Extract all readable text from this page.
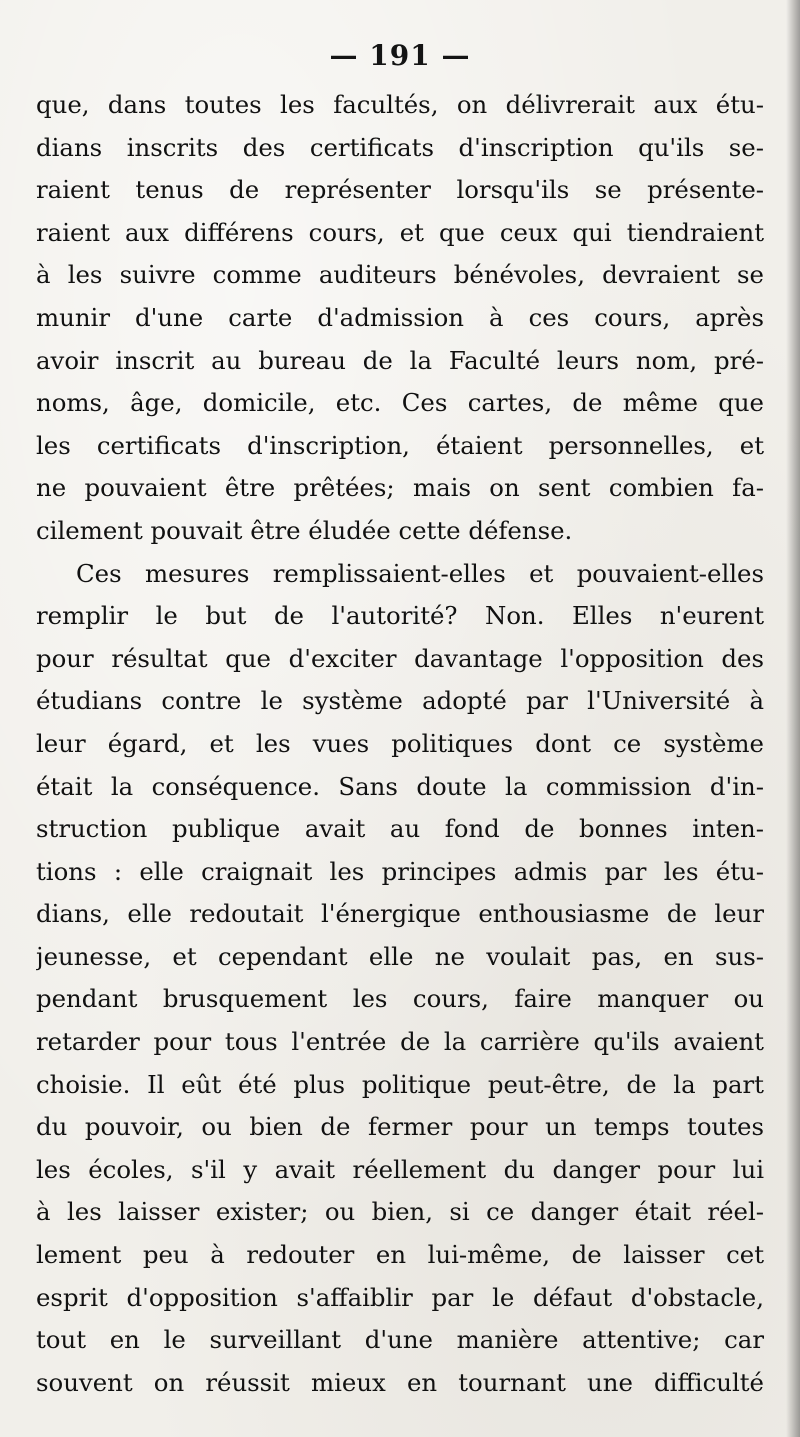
— 191 —
que, dans toutes les facultés, on délivrerait aux étu-
dians inscrits des certificats d'inscription qu'ils se-
raient tenus de représenter lorsqu'ils se présente-
raient aux différens cours, et que ceux qui tiendraient
à les suivre comme auditeurs bénévoles, devraient se
munir d'une carte d'admission à ces cours, après
avoir inscrit au bureau de la Faculté leurs nom, pré-
noms, âge, domicile, etc. Ces cartes, de même que
les certificats d'inscription, étaient personnelles, et
ne pouvaient être prêtées; mais on sent combien fa-
cilement pouvait être éludée cette défense.
Ces mesures remplissaient-elles et pouvaient-elles
remplir le but de l'autorité? Non. Elles n'eurent
pour résultat que d'exciter davantage l'opposition des
étudians contre le système adopté par l'Université à
leur égard, et les vues politiques dont ce système
était la conséquence. Sans doute la commission d'in-
struction publique avait au fond de bonnes inten-
tions : elle craignait les principes admis par les étu-
dians, elle redoutait l'énergique enthousiasme de leur
jeunesse, et cependant elle ne voulait pas, en sus-
pendant brusquement les cours, faire manquer ou
retarder pour tous l'entrée de la carrière qu'ils avaient
choisie. Il eût été plus politique peut-être, de la part
du pouvoir, ou bien de fermer pour un temps toutes
les écoles, s'il y avait réellement du danger pour lui
à les laisser exister; ou bien, si ce danger était réel-
lement peu à redouter en lui-même, de laisser cet
esprit d'opposition s'affaiblir par le défaut d'obstacle,
tout en le surveillant d'une manière attentive; car
souvent on réussit mieux en tournant une difficulté
